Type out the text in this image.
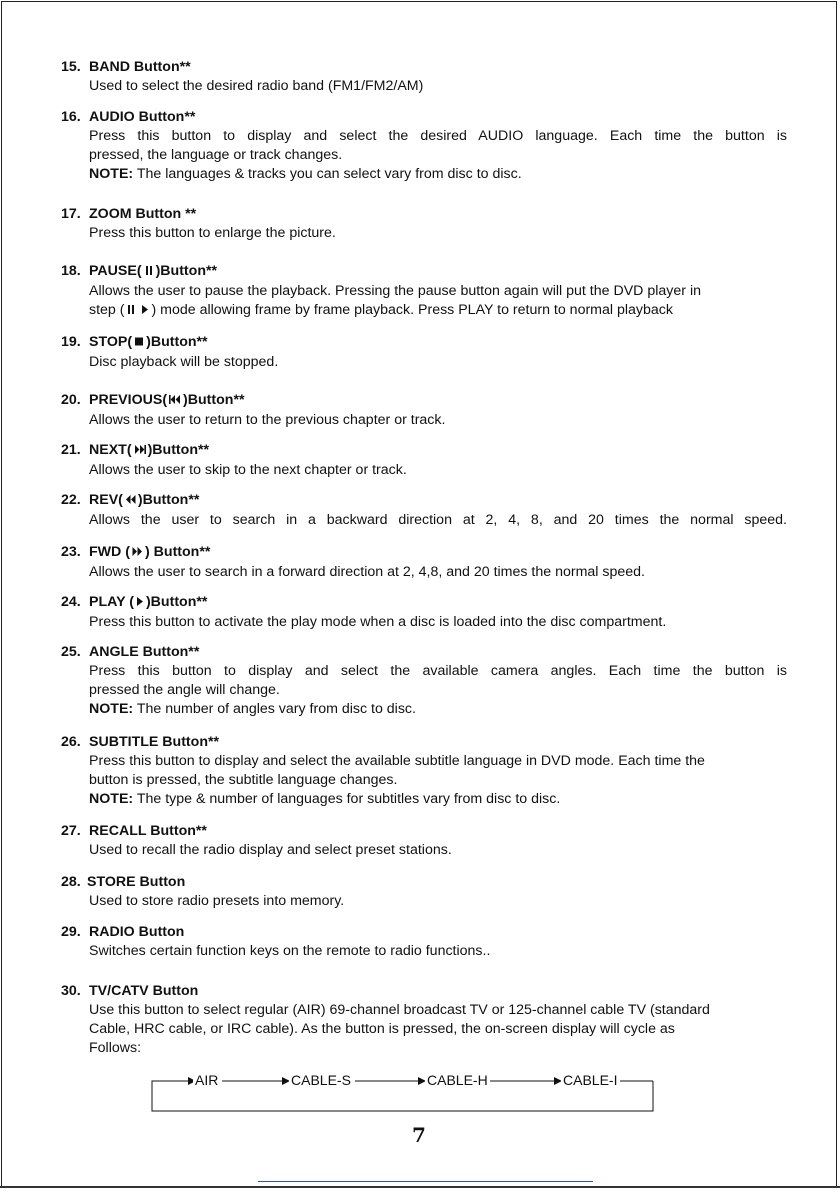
15. BAND Button**

Used to select the desired radio band (FM1/FM2/AM)

16. AUDIO Button**

Press this button to display and select the desired AUDIO language. Each time the button is

pressed, the language or track changes.

NOTE: The languages & tracks you can select vary from disc to disc.

17. ZOOM Button **

Press this button to enlarge the picture.

18. PAUSE( )Button**

Allows the user to pause the playback. Pressing the pause button again will put the DVD player in

step ( ) mode allowing frame by frame playback. Press PLAY to return to normal playback

19. STOP( )Button**

Disc playback will be stopped.

20. PREVIOUS( )Button**

Allows the user to return to the previous chapter or track.

21. NEXT( )Button**

Allows the user to skip to the next chapter or track.

22. REV( )Button**

Allows the user to search in a backward direction at 2, 4, 8, and 20 times the normal speed.

23. FWD ( ) Button**

Allows the user to search in a forward direction at 2, 4,8, and 20 times the normal speed.

24. PLAY ( )Button**

Press this button to activate the play mode when a disc is loaded into the disc compartment.

25. ANGLE Button**

Press this button to display and select the available camera angles. Each time the button is

pressed the angle will change.

NOTE: The number of angles vary from disc to disc.

26. SUBTITLE Button**

Press this button to display and select the available subtitle language in DVD mode. Each time the

button is pressed, the subtitle language changes.

NOTE: The type & number of languages for subtitles vary from disc to disc.

27. RECALL Button**

Used to recall the radio display and select preset stations.

28. STORE Button

Used to store radio presets into memory.

29. RADIO Button

Switches certain function keys on the remote to radio functions..

30. TV/CATV Button

Use this button to select regular (AIR) 69-channel broadcast TV or 125-channel cable TV (standard

Cable, HRC cable, or IRC cable). As the button is pressed, the on-screen display will cycle as

Follows:

AIR	CABLE-S	CABLE-H	CABLE-I
7
